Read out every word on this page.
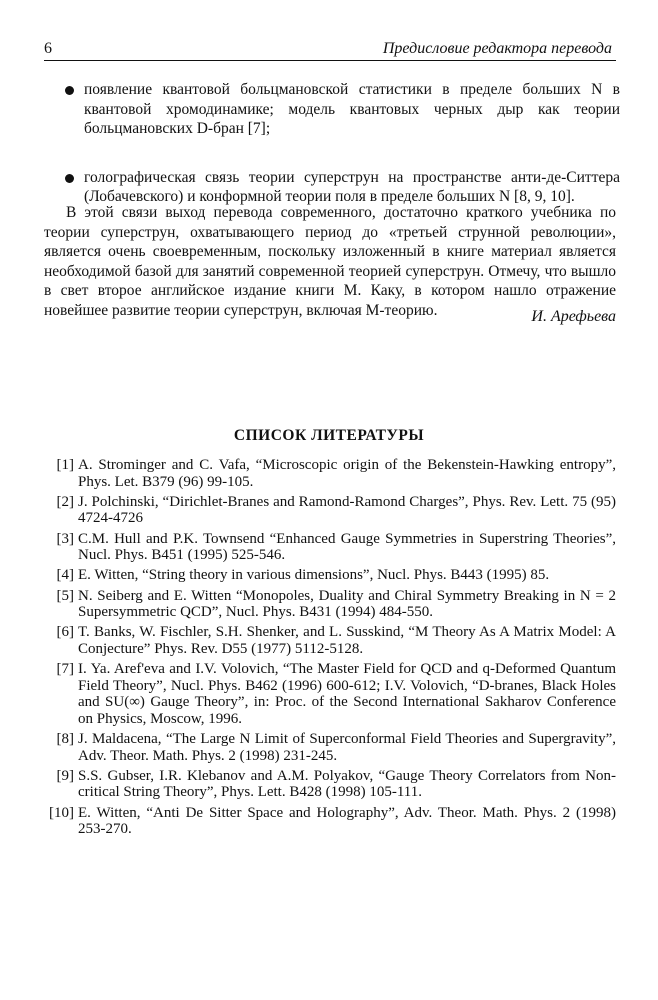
6	Предисловие редактора перевода
появление квантовой больцмановской статистики в пределе больших N в квантовой хромодинамике; модель квантовых черных дыр как теории больцмановских D-бран [7];
голографическая связь теории суперструн на пространстве анти-де-Ситтера (Лобачевского) и конформной теории поля в пределе больших N [8, 9, 10].

В этой связи выход перевода современного, достаточно краткого учебника по теории суперструн, охватывающего период до «третьей струнной революции», является очень своевременным, поскольку изложенный в книге материал является необходимой базой для занятий современной теорией суперструн. Отмечу, что вышло в свет второе английское издание книги М. Каку, в котором нашло отражение новейшее развитие теории суперструн, включая М-теорию.	И. Арефьева
СПИСОК ЛИТЕРАТУРЫ
[1] A. Strominger and C. Vafa, “Microscopic origin of the Bekenstein-Hawking entropy”, Phys. Let. B379 (96) 99-105.
[2] J. Polchinski, “Dirichlet-Branes and Ramond-Ramond Charges”, Phys. Rev. Lett. 75 (95) 4724-4726
[3] C.M. Hull and P.K. Townsend “Enhanced Gauge Symmetries in Superstring Theories”, Nucl. Phys. B451 (1995) 525-546.
[4] E. Witten, “String theory in various dimensions”, Nucl. Phys. B443 (1995) 85.
[5] N. Seiberg and E. Witten “Monopoles, Duality and Chiral Symmetry Breaking in N = 2 Supersymmetric QCD”, Nucl. Phys. B431 (1994) 484-550.
[6] T. Banks, W. Fischler, S.H. Shenker, and L. Susskind, “M Theory As A Matrix Model: A Conjecture” Phys. Rev. D55 (1977) 5112-5128.
[7] I. Ya. Aref'eva and I.V. Volovich, “The Master Field for QCD and q-Deformed Quantum Field Theory”, Nucl. Phys. B462 (1996) 600-612; I.V. Volovich, “D-branes, Black Holes and SU(∞) Gauge Theory”, in: Proc. of the Second International Sakharov Conference on Physics, Moscow, 1996.
[8] J. Maldacena, “The Large N Limit of Superconformal Field Theories and Supergravity”, Adv. Theor. Math. Phys. 2 (1998) 231-245.
[9] S.S. Gubser, I.R. Klebanov and A.M. Polyakov, “Gauge Theory Correlators from Non-critical String Theory”, Phys. Lett. B428 (1998) 105-111.
[10] E. Witten, “Anti De Sitter Space and Holography”, Adv. Theor. Math. Phys. 2 (1998) 253-270.
